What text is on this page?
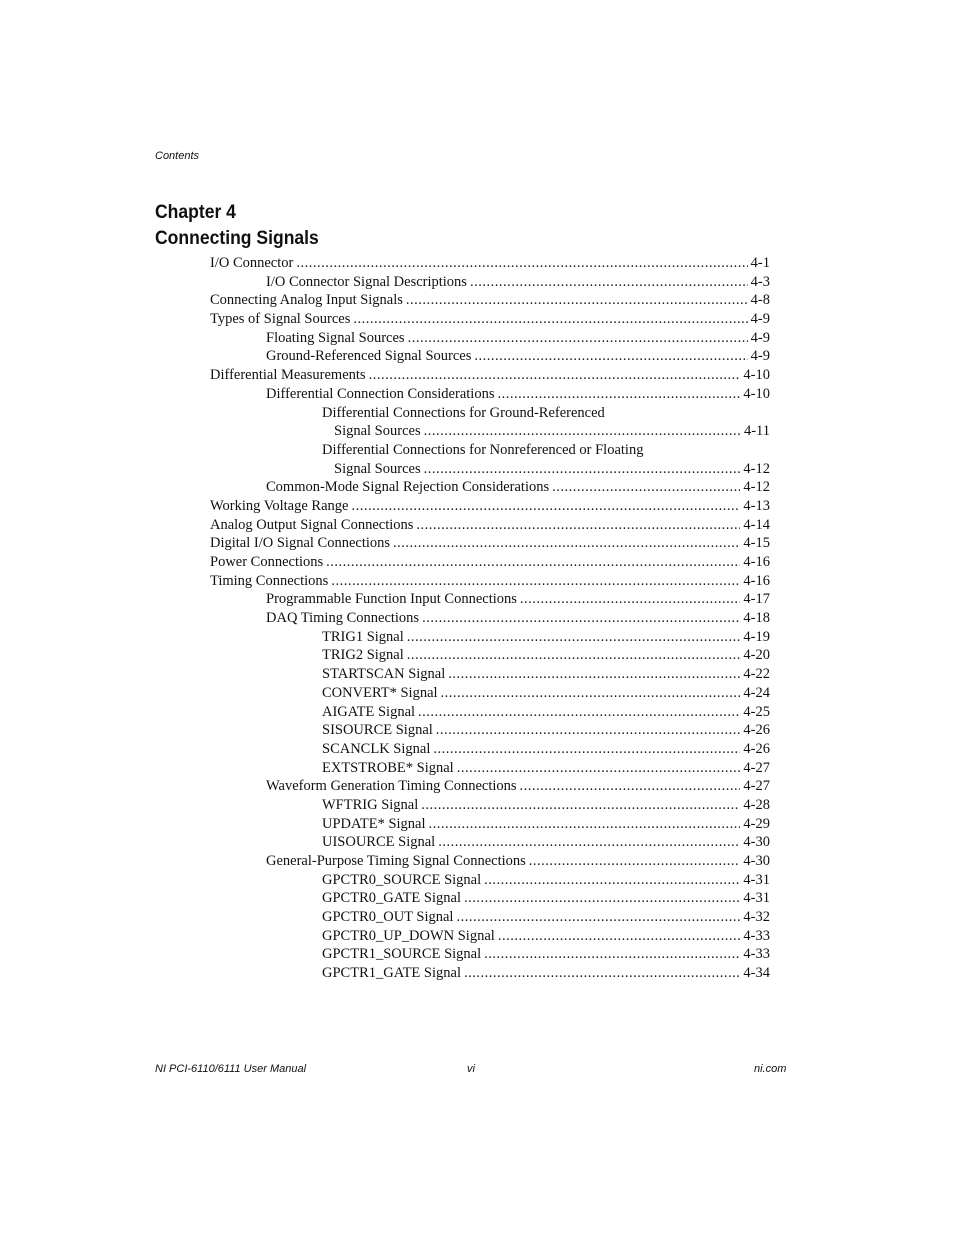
Contents
Chapter 4
Connecting Signals
I/O Connector .....	4-1
I/O Connector Signal Descriptions .....	4-3
Connecting Analog Input Signals .....	4-8
Types of Signal Sources .....	4-9
Floating Signal Sources .....	4-9
Ground-Referenced Signal Sources .....	4-9
Differential Measurements .....	4-10
Differential Connection Considerations .....	4-10
Differential Connections for Ground-Referenced
Signal Sources .....	4-11
Differential Connections for Nonreferenced or Floating
Signal Sources .....	4-12
Common-Mode Signal Rejection Considerations .....	4-12
Working Voltage Range .....	4-13
Analog Output Signal Connections .....	4-14
Digital I/O Signal Connections .....	4-15
Power Connections .....	4-16
Timing Connections .....	4-16
Programmable Function Input Connections .....	4-17
DAQ Timing Connections .....	4-18
TRIG1 Signal .....	4-19
TRIG2 Signal .....	4-20
STARTSCAN Signal .....	4-22
CONVERT* Signal .....	4-24
AIGATE Signal .....	4-25
SISOURCE Signal .....	4-26
SCANCLK Signal .....	4-26
EXTSTROBE* Signal .....	4-27
Waveform Generation Timing Connections .....	4-27
WFTRIG Signal .....	4-28
UPDATE* Signal .....	4-29
UISOURCE Signal .....	4-30
General-Purpose Timing Signal Connections .....	4-30
GPCTR0_SOURCE Signal .....	4-31
GPCTR0_GATE Signal .....	4-31
GPCTR0_OUT Signal .....	4-32
GPCTR0_UP_DOWN Signal .....	4-33
GPCTR1_SOURCE Signal .....	4-33
GPCTR1_GATE Signal .....	4-34
NI PCI-6110/6111 User Manual	vi	ni.com
